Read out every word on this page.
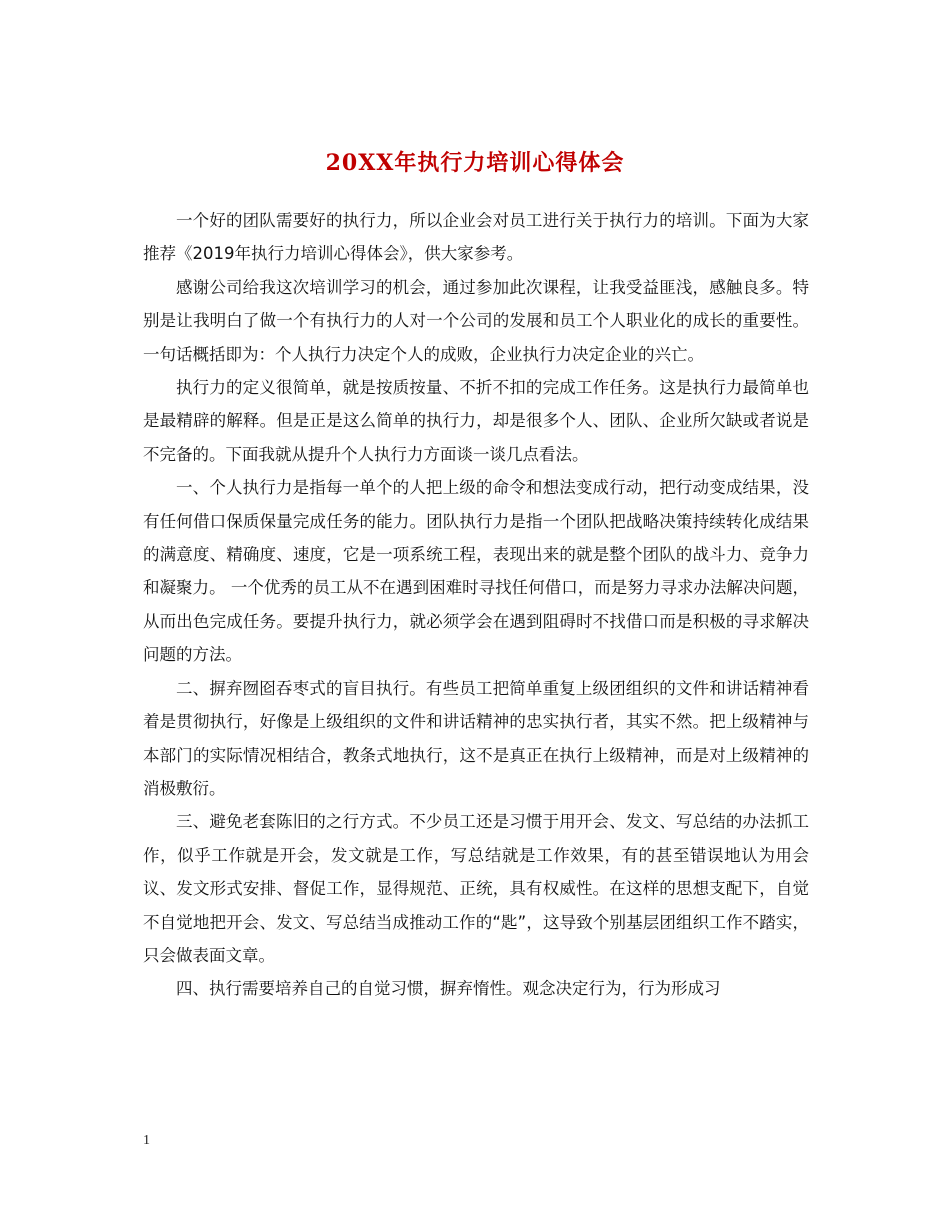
20XX年执行力培训心得体会

一个好的团队需要好的执行力，所以企业会对员工进行关于执行力的培训。下面为大家推荐《2019年执行力培训心得体会》，供大家参考。

感谢公司给我这次培训学习的机会，通过参加此次课程，让我受益匪浅，感触良多。特别是让我明白了做一个有执行力的人对一个公司的发展和员工个人职业化的成长的重要性。一句话概括即为：个人执行力决定个人的成败，企业执行力决定企业的兴亡。

执行力的定义很简单，就是按质按量、不折不扣的完成工作任务。这是执行力最简单也是最精辟的解释。但是正是这么简单的执行力，却是很多个人、团队、企业所欠缺或者说是不完备的。下面我就从提升个人执行力方面谈一谈几点看法。

一、个人执行力是指每一单个的人把上级的命令和想法变成行动，把行动变成结果，没有任何借口保质保量完成任务的能力。团队执行力是指一个团队把战略决策持续转化成结果的满意度、精确度、速度，它是一项系统工程，表现出来的就是整个团队的战斗力、竞争力和凝聚力。 一个优秀的员工从不在遇到困难时寻找任何借口，而是努力寻求办法解决问题，从而出色完成任务。要提升执行力，就必须学会在遇到阻碍时不找借口而是积极的寻求解决问题的方法。

二、摒弃囫囵吞枣式的盲目执行。有些员工把简单重复上级团组织的文件和讲话精神看着是贯彻执行，好像是上级组织的文件和讲话精神的忠实执行者，其实不然。把上级精神与本部门的实际情况相结合，教条式地执行，这不是真正在执行上级精神，而是对上级精神的消极敷衍。

三、避免老套陈旧的之行方式。不少员工还是习惯于用开会、发文、写总结的办法抓工作，似乎工作就是开会，发文就是工作，写总结就是工作效果，有的甚至错误地认为用会议、发文形式安排、督促工作，显得规范、正统，具有权威性。在这样的思想支配下，自觉不自觉地把开会、发文、写总结当成推动工作的“匙”，这导致个别基层团组织工作不踏实，只会做表面文章。

四、执行需要培养自己的自觉习惯，摒弃惰性。观念决定行为，行为形成习

1
